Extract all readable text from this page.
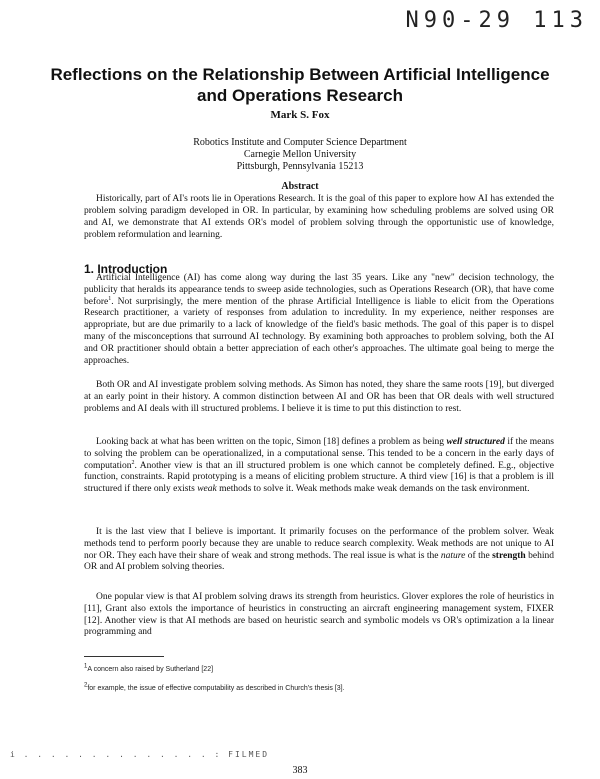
N90-29 113
Reflections on the Relationship Between Artificial Intelligence and Operations Research
Mark S. Fox
Robotics Institute and Computer Science Department
Carnegie Mellon University
Pittsburgh, Pennsylvania 15213
Abstract
Historically, part of AI's roots lie in Operations Research. It is the goal of this paper to explore how AI has extended the problem solving paradigm developed in OR. In particular, by examining how scheduling problems are solved using OR and AI, we demonstrate that AI extends OR's model of problem solving through the opportunistic use of knowledge, problem reformulation and learning.
1. Introduction

Artificial Intelligence (AI) has come along way during the last 35 years. Like any "new" decision technology, the publicity that heralds its appearance tends to sweep aside technologies, such as Operations Research (OR), that have come before$^1$. Not surprisingly, the mere mention of the phrase Artificial Intelligence is liable to elicit from the Operations Research practitioner, a variety of responses from adulation to incredulity. In my experience, neither responses are appropriate, but are due primarily to a lack of knowledge of the field's basic methods. The goal of this paper is to dispel many of the misconceptions that surround AI technology. By examining both approaches to problem solving, both the AI and OR practitioner should obtain a better appreciation of each other's approaches. The ultimate goal being to merge the approaches.

Both OR and AI investigate problem solving methods. As Simon has noted, they share the same roots [19], but diverged at an early point in their history. A common distinction between AI and OR has been that OR deals with well structured problems and AI deals with ill structured problems. I believe it is time to put this distinction to rest.

Looking back at what has been written on the topic, Simon [18] defines a problem as being well structured if the means to solving the problem can be operationalized, in a computational sense. This tended to be a concern in the early days of computation$^2$. Another view is that an ill structured problem is one which cannot be completely defined. E.g., objective function, constraints. Rapid prototyping is a means of eliciting problem structure. A third view [16] is that a problem is ill structured if there only exists weak methods to solve it. Weak methods make weak demands on the task environment.

It is the last view that I believe is important. It primarily focuses on the performance of the problem solver. Weak methods tend to perform poorly because they are unable to reduce search complexity. Weak methods are not unique to AI nor OR. They each have their share of weak and strong methods. The real issue is what is the nature of the strength behind OR and AI problem solving theories.

One popular view is that AI problem solving draws its strength from heuristics. Glover explores the role of heuristics in [11], Grant also extols the importance of heuristics in constructing an aircraft engineering management system, FIXER [12]. Another view is that AI methods are based on heuristic search and symbolic models vs OR's optimization a la linear programming and

$^1$A concern also raised by Sutherland [22]
$^2$for example, the issue of effective computability as described in Church's thesis [3].
i . . . . . . . . . . . . . . : FILMED
383
